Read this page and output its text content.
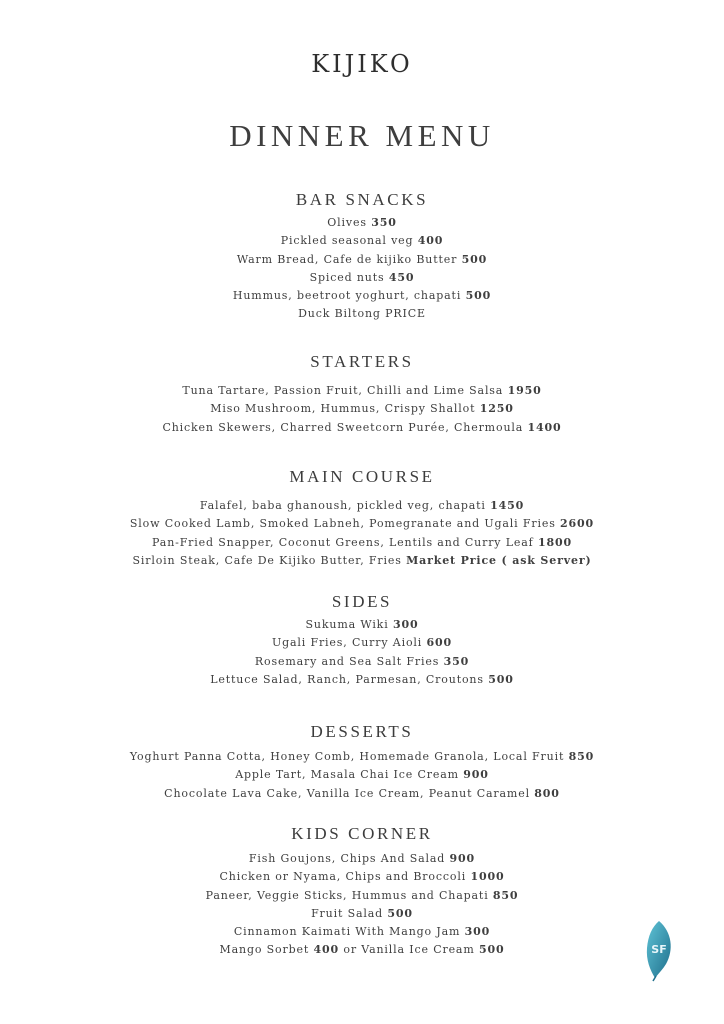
KIJIKO
DINNER MENU
BAR SNACKS
Olives 350
Pickled seasonal veg 400
Warm Bread, Cafe de kijiko Butter 500
Spiced nuts 450
Hummus, beetroot yoghurt, chapati 500
Duck Biltong PRICE
STARTERS
Tuna Tartare, Passion Fruit, Chilli and Lime Salsa 1950
Miso Mushroom, Hummus, Crispy Shallot 1250
Chicken Skewers, Charred Sweetcorn Purée, Chermoula 1400
MAIN COURSE
Falafel, baba ghanoush, pickled veg, chapati 1450
Slow Cooked Lamb, Smoked Labneh, Pomegranate and Ugali Fries 2600
Pan-Fried Snapper, Coconut Greens, Lentils and Curry Leaf 1800
Sirloin Steak, Cafe De Kijiko Butter, Fries Market Price ( ask Server)
SIDES
Sukuma Wiki 300
Ugali Fries, Curry Aioli 600
Rosemary and Sea Salt Fries 350
Lettuce Salad, Ranch, Parmesan, Croutons 500
DESSERTS
Yoghurt Panna Cotta, Honey Comb, Homemade Granola, Local Fruit 850
Apple Tart, Masala Chai Ice Cream 900
Chocolate Lava Cake, Vanilla Ice Cream, Peanut Caramel 800
KIDS CORNER
Fish Goujons, Chips And Salad 900
Chicken or Nyama, Chips and Broccoli 1000
Paneer, Veggie Sticks, Hummus and Chapati 850
Fruit Salad 500
Cinnamon Kaimati With Mango Jam 300
Mango Sorbet 400 or Vanilla Ice Cream 500	SF
